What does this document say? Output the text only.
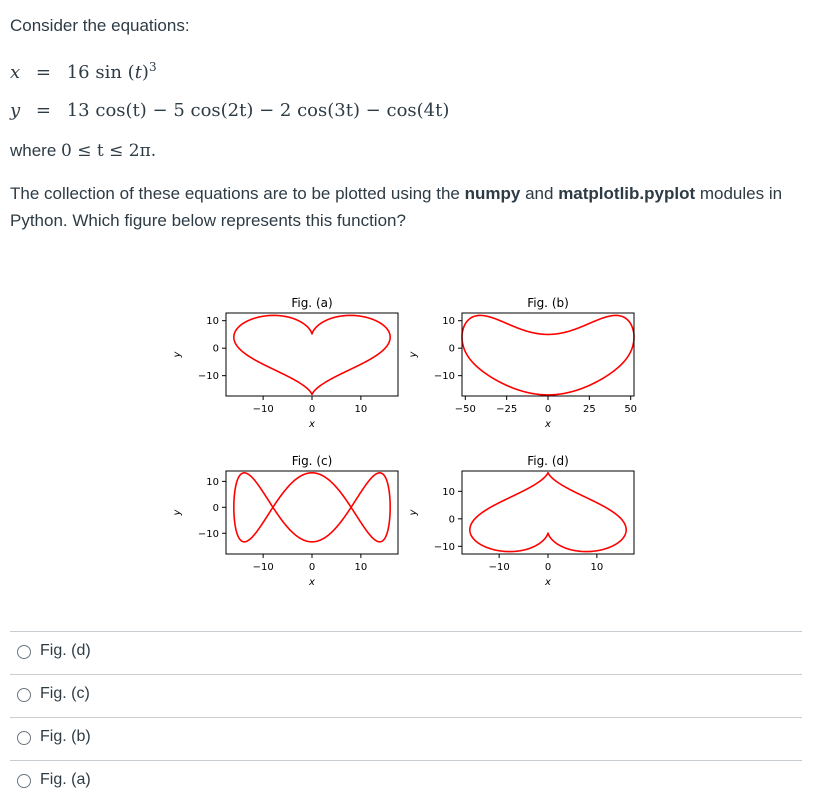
Consider the equations:
x = 16 $\sin (t)^3$
y = 13 cos(t) − 5 cos(2t) − 2 cos(3t) − cos(4t)
where 0 ≤ t ≤ 2π.
The collection of these equations are to be plotted using the numpy and matplotlib.pyplot modules in Python. Which figure below represents this function?
Fig. (a)
−10	0	10
10
0
−10
x
y
Fig. (b)
−50 −25	0	25	50
10
0
−10
x
y
Fig. (c)
−10	0	10
10
0
−10
x
y
Fig. (d)
−10	0	10
10
0
−10
x
y
Fig. (d)
Fig. (c)
Fig. (b)
Fig. (a)
